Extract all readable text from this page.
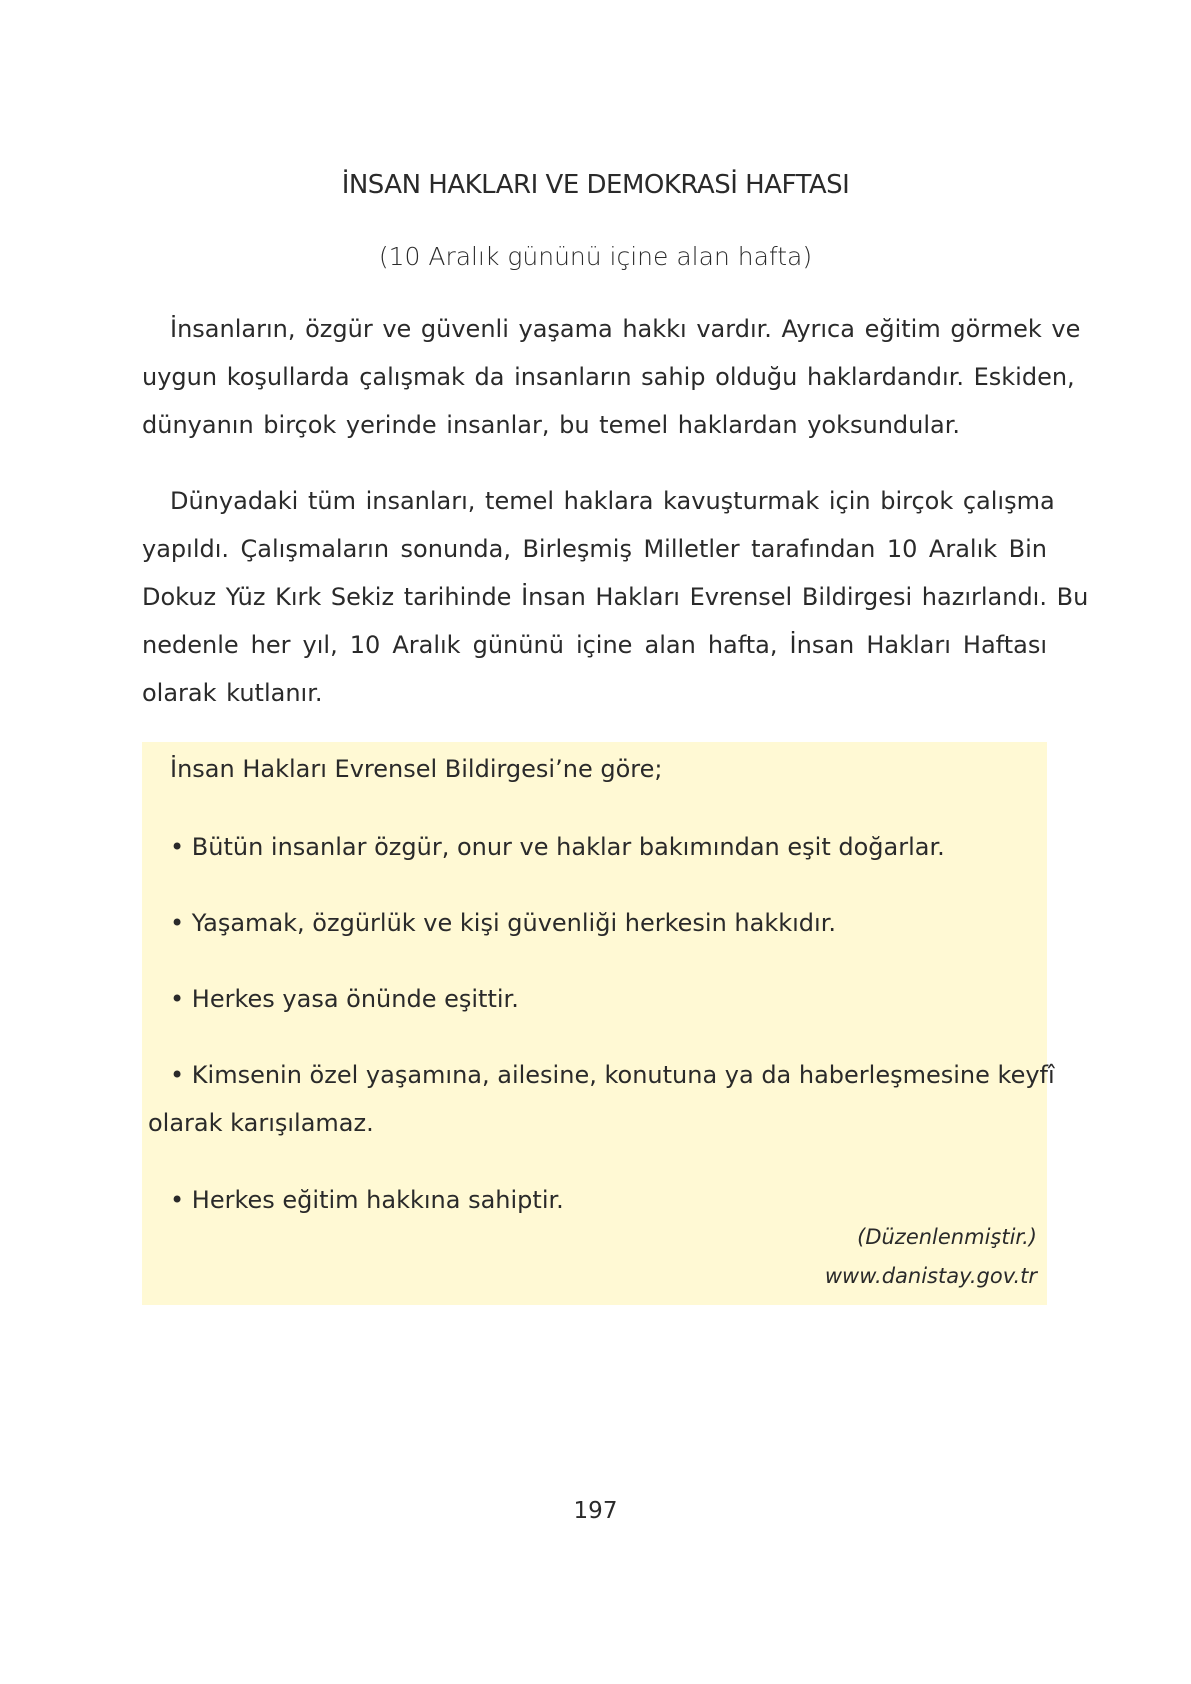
İNSAN HAKLARI VE DEMOKRASİ HAFTASI
(10 Aralık gününü içine alan hafta)
İnsanların, özgür ve güvenli yaşama hakkı vardır. Ayrıca eğitim görmek ve
uygun koşullarda çalışmak da insanların sahip olduğu haklardandır. Eskiden,
dünyanın birçok yerinde insanlar, bu temel haklardan yoksundular.
Dünyadaki tüm insanları, temel haklara kavuşturmak için birçok çalışma
yapıldı. Çalışmaların sonunda, Birleşmiş Milletler tarafından 10 Aralık Bin
Dokuz Yüz Kırk Sekiz tarihinde İnsan Hakları Evrensel Bildirgesi hazırlandı. Bu
nedenle her yıl, 10 Aralık gününü içine alan hafta, İnsan Hakları Haftası
olarak kutlanır.
İnsan Hakları Evrensel Bildirgesi’ne göre;
• Bütün insanlar özgür, onur ve haklar bakımından eşit doğarlar.
• Yaşamak, özgürlük ve kişi güvenliği herkesin hakkıdır.
• Herkes yasa önünde eşittir.
• Kimsenin özel yaşamına, ailesine, konutuna ya da haberleşmesine keyfî
olarak karışılamaz.
• Herkes eğitim hakkına sahiptir.
(Düzenlenmiştir.)
www.danistay.gov.tr
197
